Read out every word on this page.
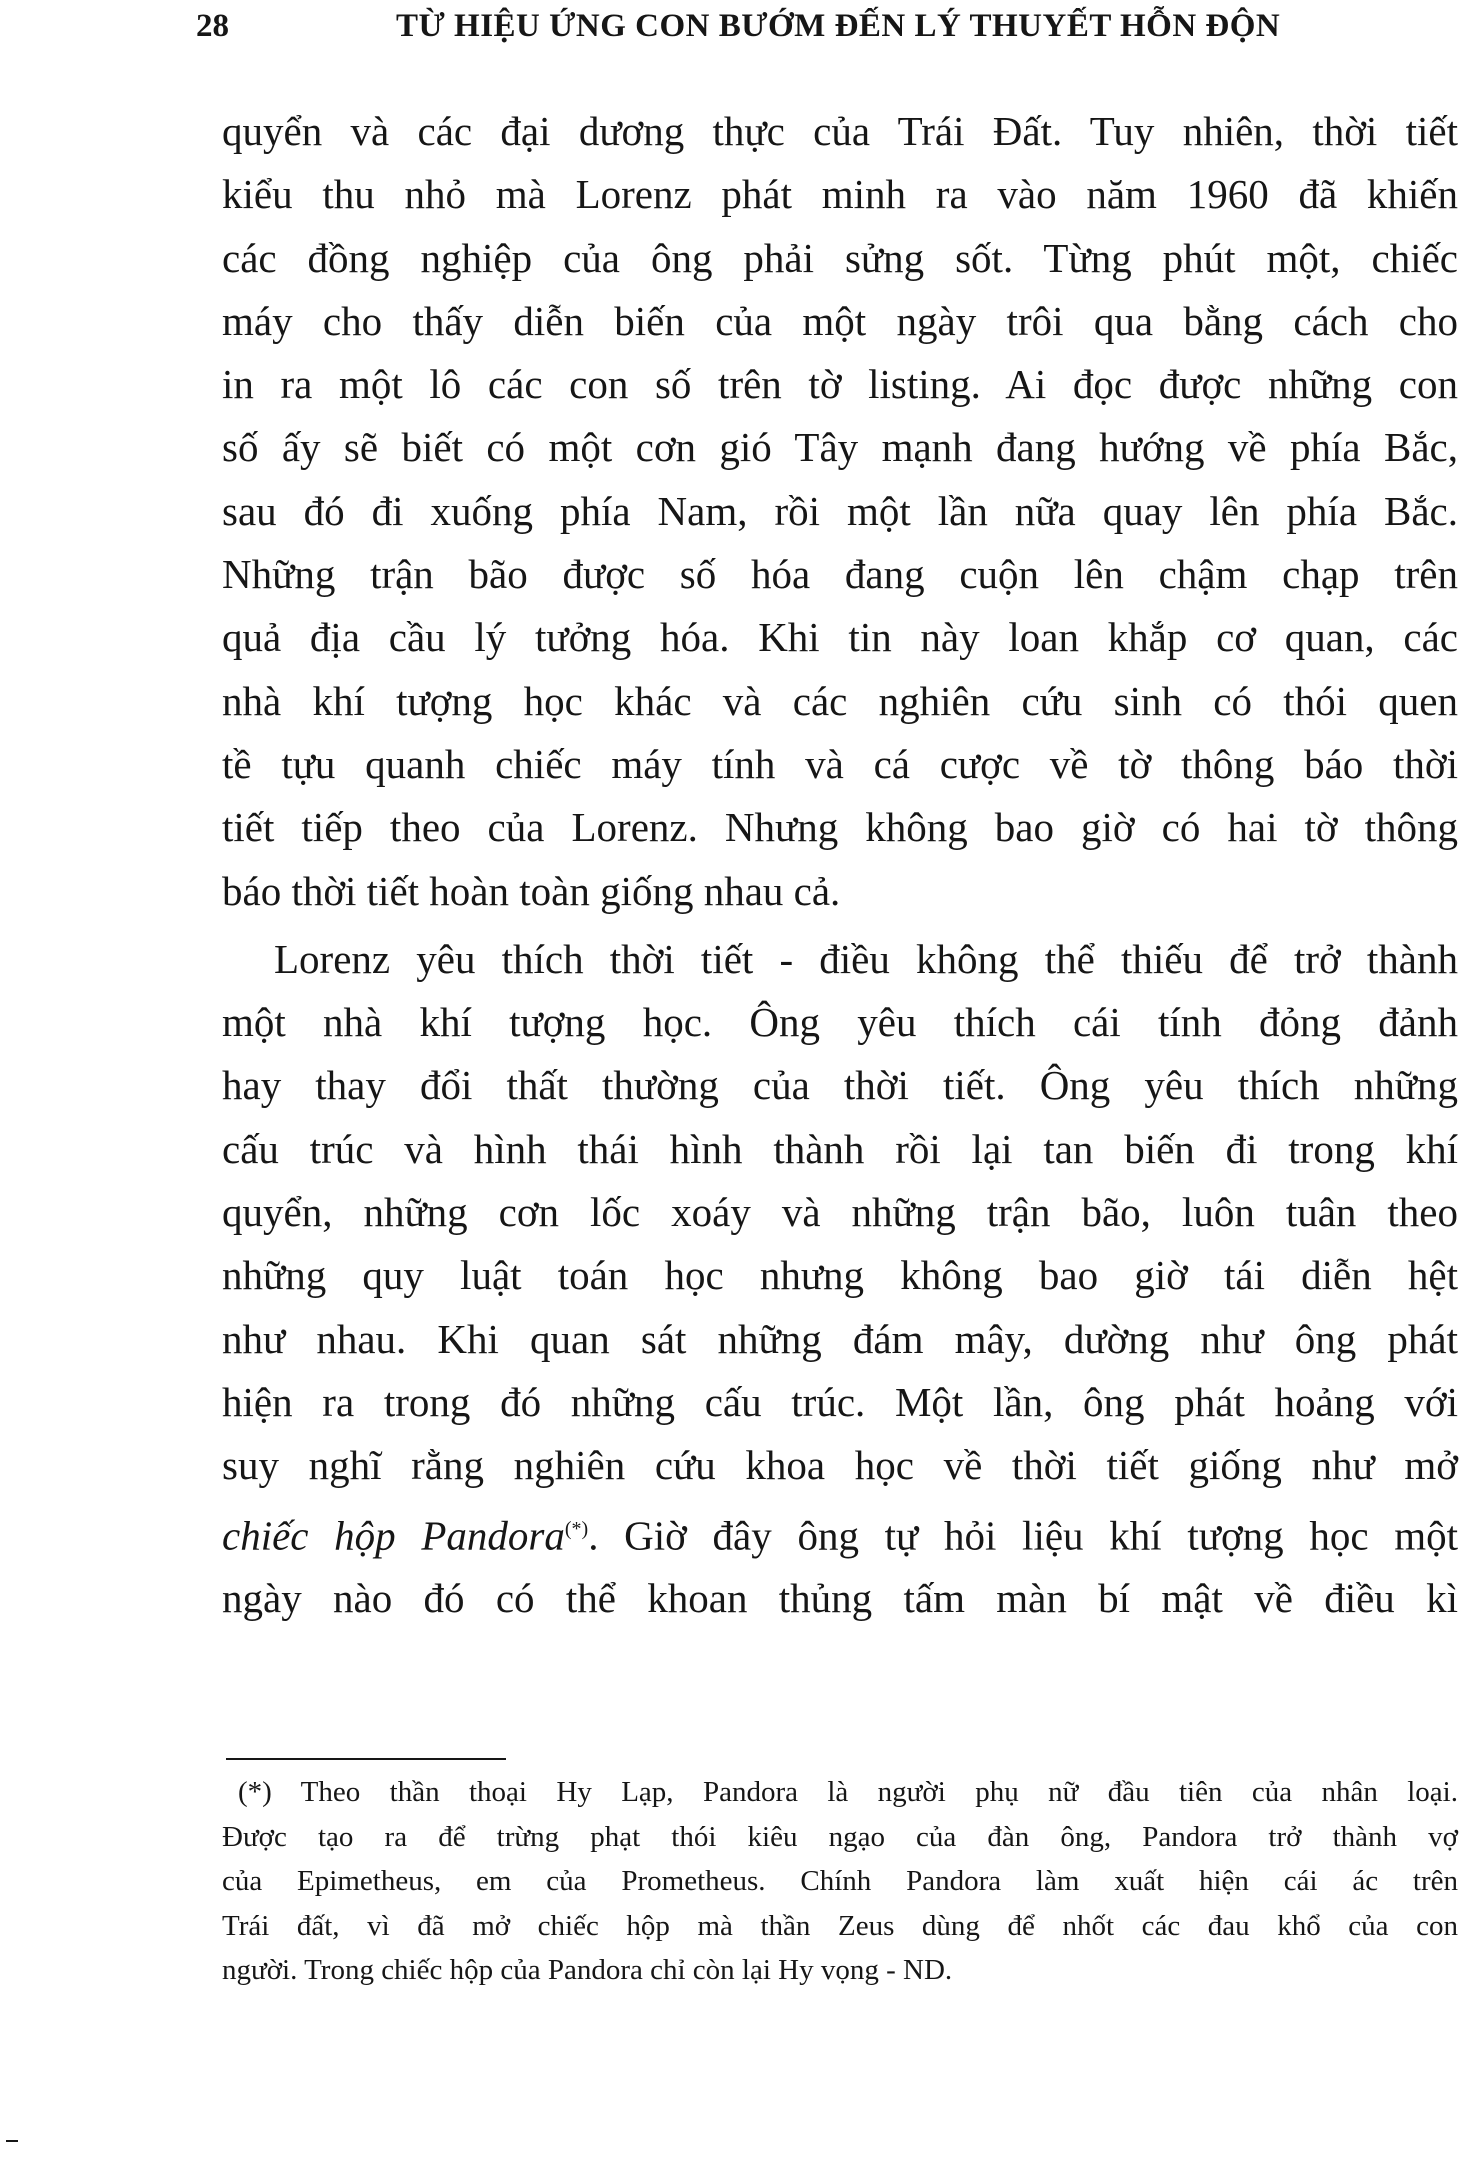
28	TỪ HIỆU ỨNG CON BƯỚM ĐẾN LÝ THUYẾT HỖN ĐỘN
quyển và các đại dương thực của Trái Đất. Tuy nhiên, thời tiết
kiểu thu nhỏ mà Lorenz phát minh ra vào năm 1960 đã khiến
các đồng nghiệp của ông phải sửng sốt. Từng phút một, chiếc
máy cho thấy diễn biến của một ngày trôi qua bằng cách cho
in ra một lô các con số trên tờ listing. Ai đọc được những con
số ấy sẽ biết có một cơn gió Tây mạnh đang hướng về phía Bắc,
sau đó đi xuống phía Nam, rồi một lần nữa quay lên phía Bắc.
Những trận bão được số hóa đang cuộn lên chậm chạp trên
quả địa cầu lý tưởng hóa. Khi tin này loan khắp cơ quan, các
nhà khí tượng học khác và các nghiên cứu sinh có thói quen
tề tựu quanh chiếc máy tính và cá cược về tờ thông báo thời
tiết tiếp theo của Lorenz. Nhưng không bao giờ có hai tờ thông
báo thời tiết hoàn toàn giống nhau cả.
Lorenz yêu thích thời tiết - điều không thể thiếu để trở thành
một nhà khí tượng học. Ông yêu thích cái tính đỏng đảnh
hay thay đổi thất thường của thời tiết. Ông yêu thích những
cấu trúc và hình thái hình thành rồi lại tan biến đi trong khí
quyển, những cơn lốc xoáy và những trận bão, luôn tuân theo
những quy luật toán học nhưng không bao giờ tái diễn hệt
như nhau. Khi quan sát những đám mây, dường như ông phát
hiện ra trong đó những cấu trúc. Một lần, ông phát hoảng với
suy nghĩ rằng nghiên cứu khoa học về thời tiết giống như mở
chiếc hộp Pandora(*). Giờ đây ông tự hỏi liệu khí tượng học một
ngày nào đó có thể khoan thủng tấm màn bí mật về điều kì
(*) Theo thần thoại Hy Lạp, Pandora là người phụ nữ đầu tiên của nhân loại.
Được tạo ra để trừng phạt thói kiêu ngạo của đàn ông, Pandora trở thành vợ
của Epimetheus, em của Prometheus. Chính Pandora làm xuất hiện cái ác trên
Trái đất, vì đã mở chiếc hộp mà thần Zeus dùng để nhốt các đau khổ của con
người. Trong chiếc hộp của Pandora chỉ còn lại Hy vọng - ND.
